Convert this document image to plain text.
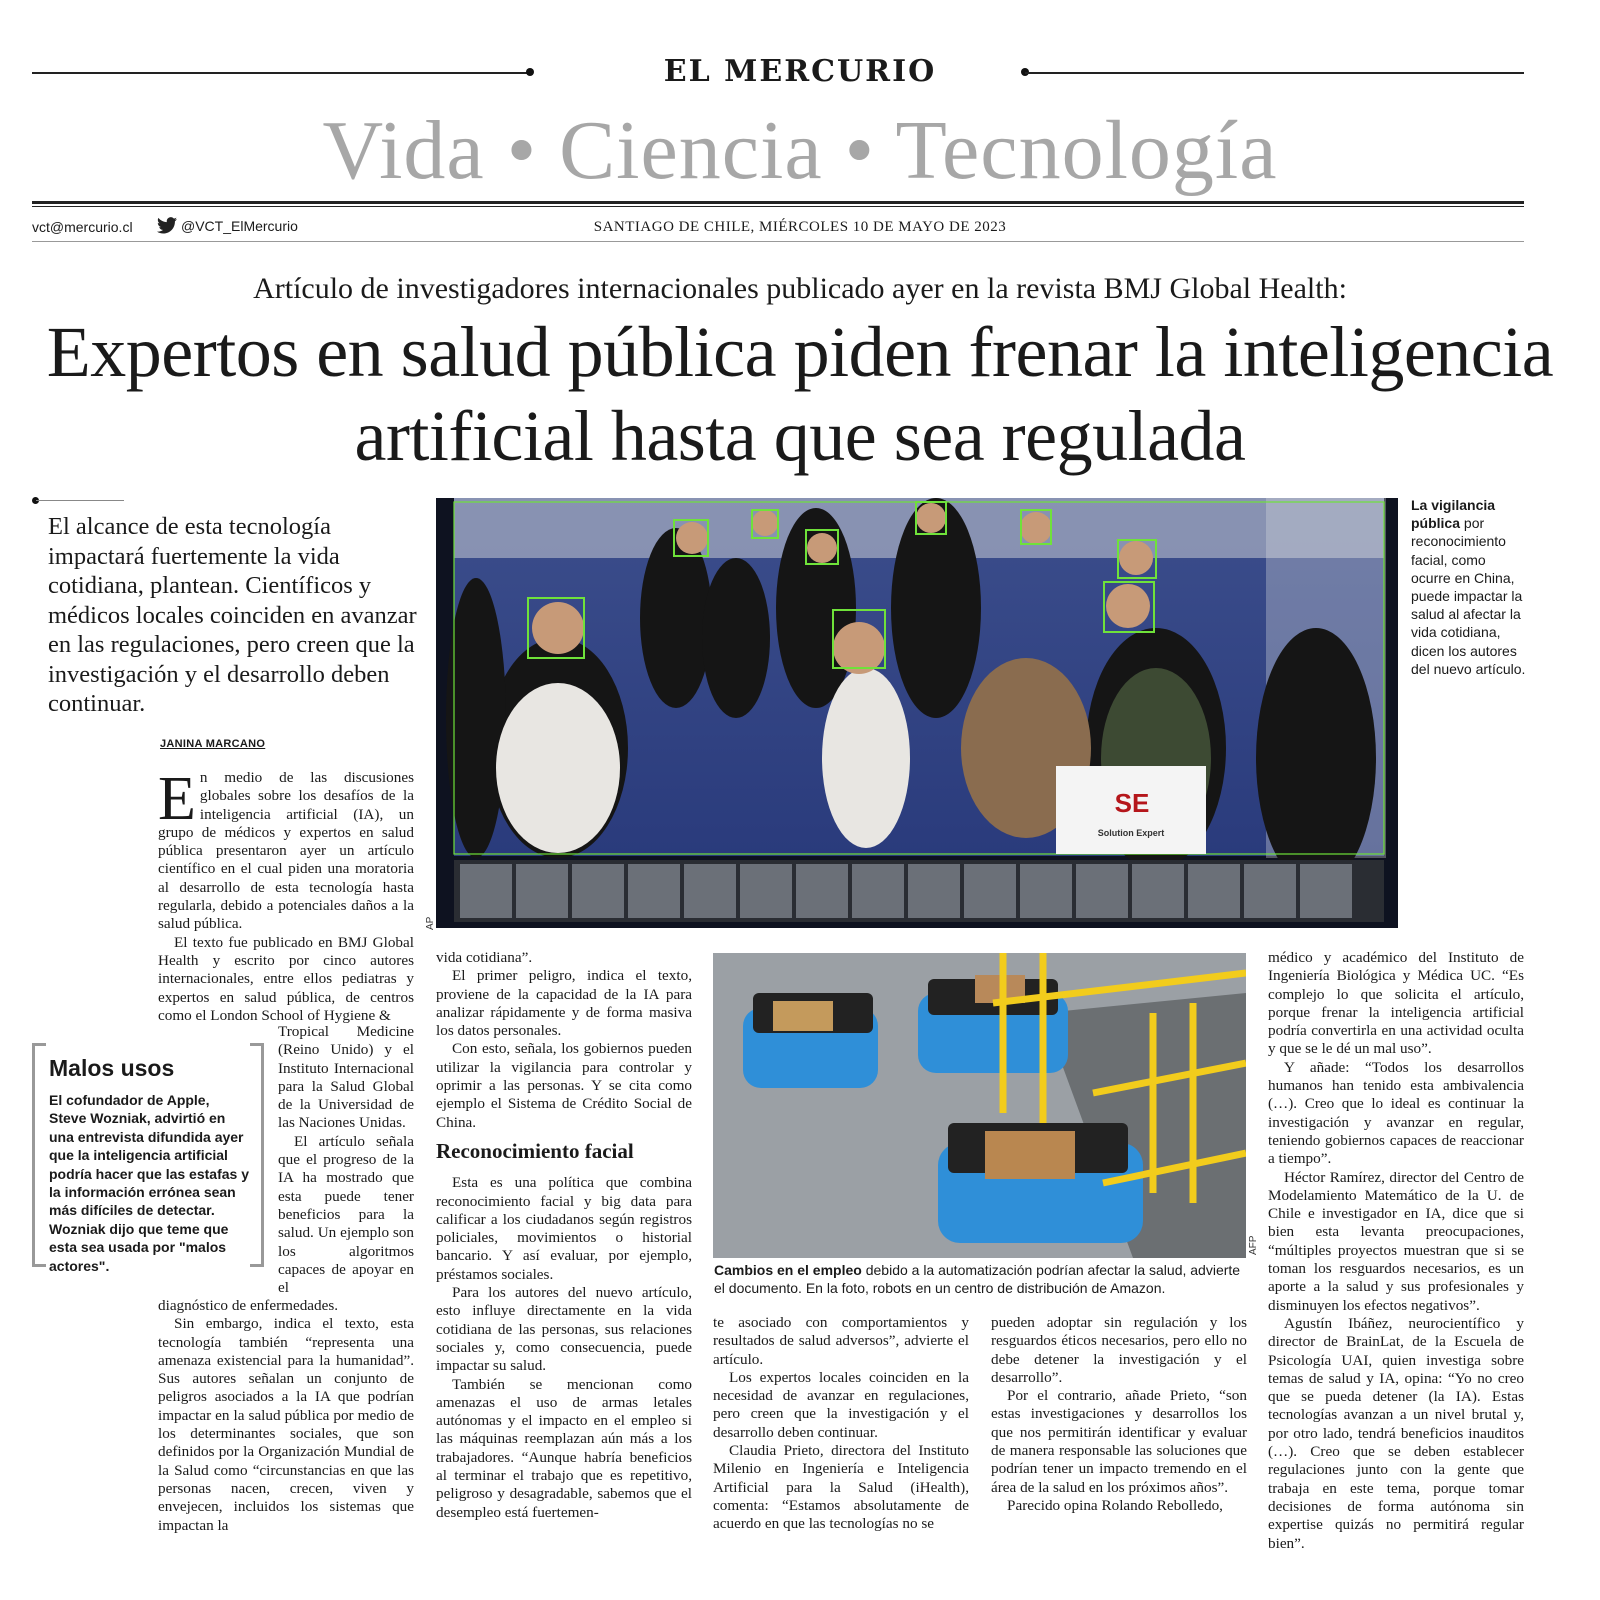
EL MERCURIO
Vida • Ciencia • Tecnología
vct@mercurio.cl	@VCT_ElMercurio	SANTIAGO DE CHILE, MIÉRCOLES 10 DE MAYO DE 2023
Artículo de investigadores internacionales publicado ayer en la revista BMJ Global Health:
Expertos en salud pública piden frenar la inteligencia artificial hasta que sea regulada
El alcance de esta tecnología impactará fuertemente la vida cotidiana, plantean. Científicos y médicos locales coinciden en avanzar en las regulaciones, pero creen que la investigación y el desarrollo deben continuar.
JANINA MARCANO
E n medio de las discusiones globales sobre los desafíos de la inteligencia artificial (IA), un grupo de médicos y expertos en salud pública presentaron ayer un artículo científico en el cual piden una moratoria al desarrollo de esta tecnología hasta regularla, debido a potenciales daños a la salud pública.

El texto fue publicado en BMJ Global Health y escrito por cinco autores internacionales, entre ellos pediatras y expertos en salud pública, de centros como el London School of Hygiene &

Tropical Medicine (Reino Unido) y el Instituto Internacional para la Salud Global de la Universidad de las Naciones Unidas.

El artículo señala que el progreso de la IA ha mostrado que esta puede tener beneficios para la salud. Un ejemplo son los algoritmos capaces de apoyar en el

diagnóstico de enfermedades.

Sin embargo, indica el texto, esta tecnología también “representa una amenaza existencial para la humanidad”. Sus autores señalan un conjunto de peligros asociados a la IA que podrían impactar en la salud pública por medio de los determinantes sociales, que son definidos por la Organización Mundial de la Salud como “circunstancias en que las personas nacen, crecen, viven y envejecen, incluidos los sistemas que impactan la

Malos usos
El cofundador de Apple, Steve Wozniak, advirtió en una entrevista difundida ayer que la inteligencia artificial podría hacer que las estafas y la información errónea sean más difíciles de detectar. Wozniak dijo que teme que esta sea usada por "malos actores".
SE
Solution Expert
AP
La vigilancia pública por reconocimiento facial, como ocurre en China, puede impactar la salud al afectar la vida cotidiana, dicen los autores del nuevo artículo.

vida cotidiana”.

El primer peligro, indica el texto, proviene de la capacidad de la IA para analizar rápidamente y de forma masiva los datos personales.

Con esto, señala, los gobiernos pueden utilizar la vigilancia para controlar y oprimir a las personas. Y se cita como ejemplo el Sistema de Crédito Social de China.

Reconocimiento facial

Esta es una política que combina reconocimiento facial y big data para calificar a los ciudadanos según registros policiales, movimientos o historial bancario. Y así evaluar, por ejemplo, préstamos sociales.

Para los autores del nuevo artículo, esto influye directamente en la vida cotidiana de las personas, sus relaciones sociales y, como consecuencia, puede impactar su salud.

También se mencionan como amenazas el uso de armas letales autónomas y el impacto en el empleo si las máquinas reemplazan aún más a los trabajadores. “Aunque habría beneficios al terminar el trabajo que es repetitivo, peligroso y desagradable, sabemos que el desempleo está fuertemen-

AFP
Cambios en el empleo debido a la automatización podrían afectar la salud, advierte el documento. En la foto, robots en un centro de distribución de Amazon.

te asociado con comportamientos y resultados de salud adversos”, advierte el artículo.

Los expertos locales coinciden en la necesidad de avanzar en regulaciones, pero creen que la investigación y el desarrollo deben continuar.

Claudia Prieto, directora del Instituto Milenio en Ingeniería e Inteligencia Artificial para la Salud (iHealth), comenta: “Estamos absolutamente de acuerdo en que las tecnologías no se

pueden adoptar sin regulación y los resguardos éticos necesarios, pero ello no debe detener la investigación y el desarrollo”.

Por el contrario, añade Prieto, “son estas investigaciones y desarrollos los que nos permitirán identificar y evaluar de manera responsable las soluciones que podrían tener un impacto tremendo en el área de la salud en los próximos años”.

Parecido opina Rolando Rebolledo,

médico y académico del Instituto de Ingeniería Biológica y Médica UC. “Es complejo lo que solicita el artículo, porque frenar la inteligencia artificial podría convertirla en una actividad oculta y que se le dé un mal uso”.

Y añade: “Todos los desarrollos humanos han tenido esta ambivalencia (…). Creo que lo ideal es continuar la investigación y avanzar en regular, teniendo gobiernos capaces de reaccionar a tiempo”.

Héctor Ramírez, director del Centro de Modelamiento Matemático de la U. de Chile e investigador en IA, dice que si bien esta levanta preocupaciones, “múltiples proyectos muestran que si se toman los resguardos necesarios, es un aporte a la salud y sus profesionales y disminuyen los efectos negativos”.

Agustín Ibáñez, neurocientífico y director de BrainLat, de la Escuela de Psicología UAI, quien investiga sobre temas de salud y IA, opina: “Yo no creo que se pueda detener (la IA). Estas tecnologías avanzan a un nivel brutal y, por otro lado, tendrá beneficios inauditos (…). Creo que se deben establecer regulaciones junto con la gente que trabaja en este tema, porque tomar decisiones de forma autónoma sin expertise quizás no permitirá regular bien”.
